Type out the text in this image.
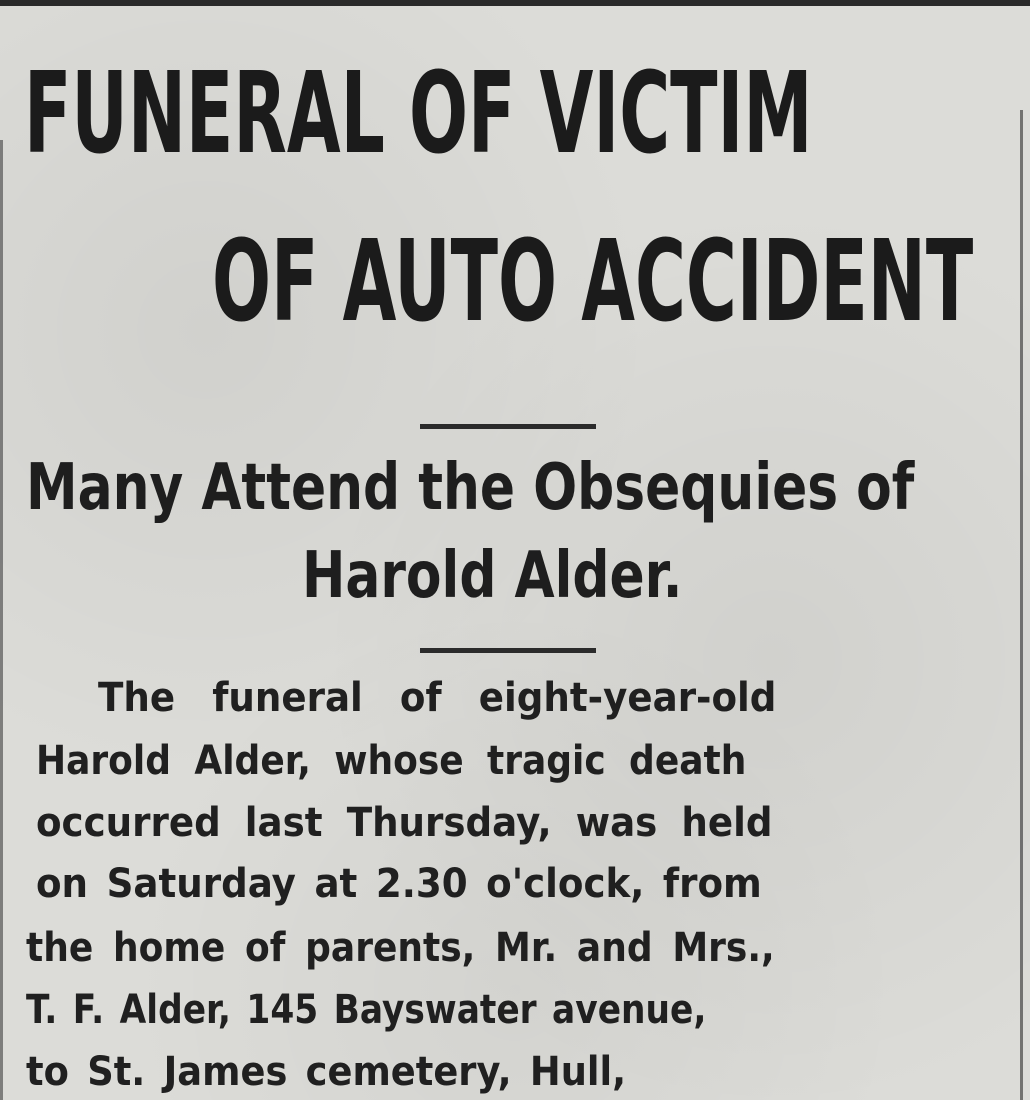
FUNERAL OF VICTIM
OF AUTO ACCIDENT
Many Attend the Obsequies of
Harold Alder.

The funeral of eight-year-old

Harold Alder, whose tragic death

occurred last Thursday, was held

on Saturday at 2.30 o'clock, from

the home of parents, Mr. and Mrs.,

T. F. Alder, 145 Bayswater avenue,

to St. James cemetery, Hull,
